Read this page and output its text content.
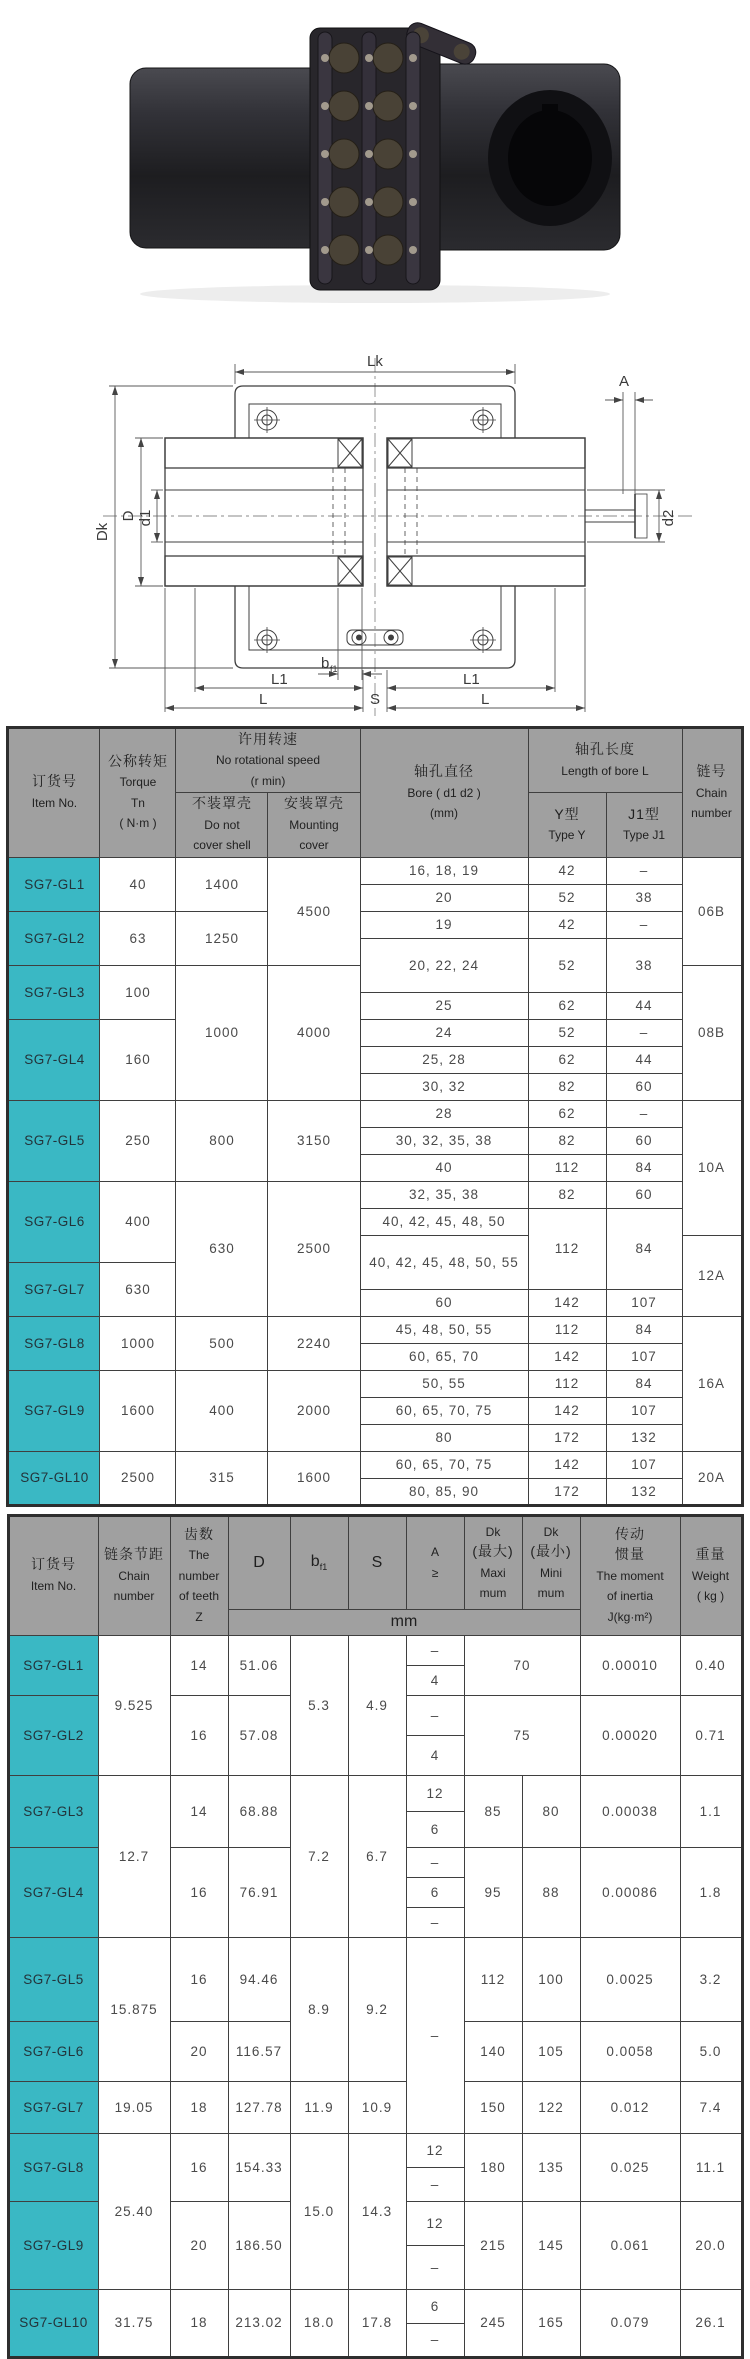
Lk
A
Dk
D d1	d2
b f1
L1	L1
L	S	L
订货号
Item No.	公称转矩
Torque
Tn
( N·m )	许用转速
No rotational speed
(r min)		轴孔直径
Bore ( d1 d2 )
(mm)	轴孔长度
Length of bore L		链号
Chain
number
		不装罩壳
Do not
cover shell	安装罩壳
Mounting
cover		Y型
Type Y	J1型
Type J1	
SG7-GL1	40	1400	4500	16, 18, 19	42	–	06B
				20	52	38	
SG7-GL2	63	1250		19	42	–	
				20, 22, 24	52	38	
SG7-GL3	100	1000	4000				08B
				25	62	44	
SG7-GL4	160			24	52	–	
				25, 28	62	44	
				30, 32	82	60	
SG7-GL5	250	800	3150	28	62	–	10A
				30, 32, 35, 38	82	60	
				40	112	84	
SG7-GL6	400	630	2500	32, 35, 38	82	60	
				40, 42, 45, 48, 50	112	84	
				40, 42, 45, 48, 50, 55			12A
SG7-GL7	630						
				60	142	107	
SG7-GL8	1000	500	2240	45, 48, 50, 55	112	84	16A
				60, 65, 70	142	107	
SG7-GL9	1600	400	2000	50, 55	112	84	
				60, 65, 70, 75	142	107	
				80	172	132	
SG7-GL10	2500	315	1600	60, 65, 70, 75	142	107	20A
				80, 85, 90	172	132	
订货号
Item No.	链条节距
Chain
number	齿数
The
number
of teeth
Z	D	$b_{f1}$	S	A
≥	Dk
(最大)
Maxi
mum	Dk
(最小)
Mini
mum	传动
惯量
The moment
of inertia
J(kg·m²)	重量
Weight
( kg )
			mm							
SG7-GL1	9.525	14	51.06	5.3	4.9	–	70		0.00010	0.40
						4				
SG7-GL2		16	57.08			–	75		0.00020	0.71
						4				
SG7-GL3	12.7	14	68.88	7.2	6.7	12	85	80	0.00038	1.1
						6				
SG7-GL4		16	76.91			–	95	88	0.00086	1.8
						6				
						–				
SG7-GL5	15.875	16	94.46	8.9	9.2	–	112	100	0.0025	3.2
SG7-GL6		20	116.57				140	105	0.0058	5.0
SG7-GL7	19.05	18	127.78	11.9	10.9		150	122	0.012	7.4
SG7-GL8	25.40	16	154.33	15.0	14.3	12	180	135	0.025	11.1
						–				
SG7-GL9		20	186.50			12	215	145	0.061	20.0
						–				
SG7-GL10	31.75	18	213.02	18.0	17.8	6	245	165	0.079	26.1
						–				
